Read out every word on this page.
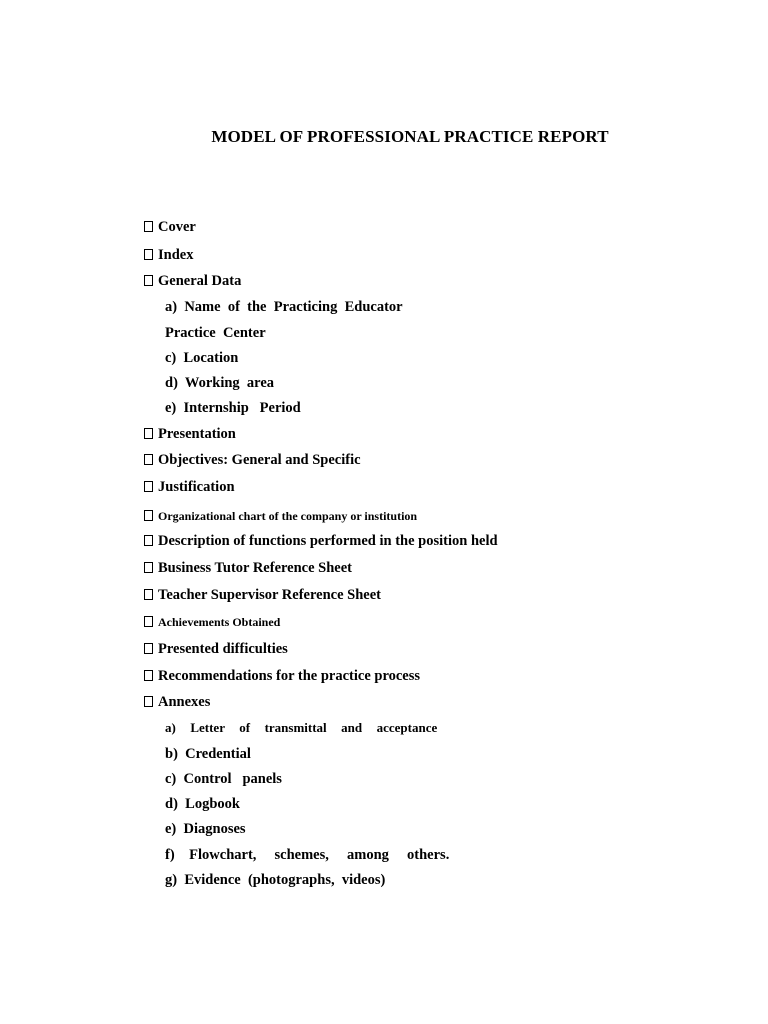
MODEL OF PROFESSIONAL PRACTICE REPORT
Cover
Index
General Data
a)  Name  of  the  Practicing  Educator
Practice  Center
c)  Location
d)  Working  area
e)  Internship   Period
Presentation
Objectives: General and Specific
Justification
Organizational chart of the company or institution
Description of functions performed in the position held
Business Tutor Reference Sheet
Teacher Supervisor Reference Sheet
Achievements Obtained
Presented difficulties
Recommendations for the practice process
Annexes
a)  Letter  of  transmittal  and  acceptance
b)  Credential
c)  Control   panels
d)  Logbook
e)  Diagnoses
f)    Flowchart,     schemes,     among     others.
g)  Evidence  (photographs,  videos)
